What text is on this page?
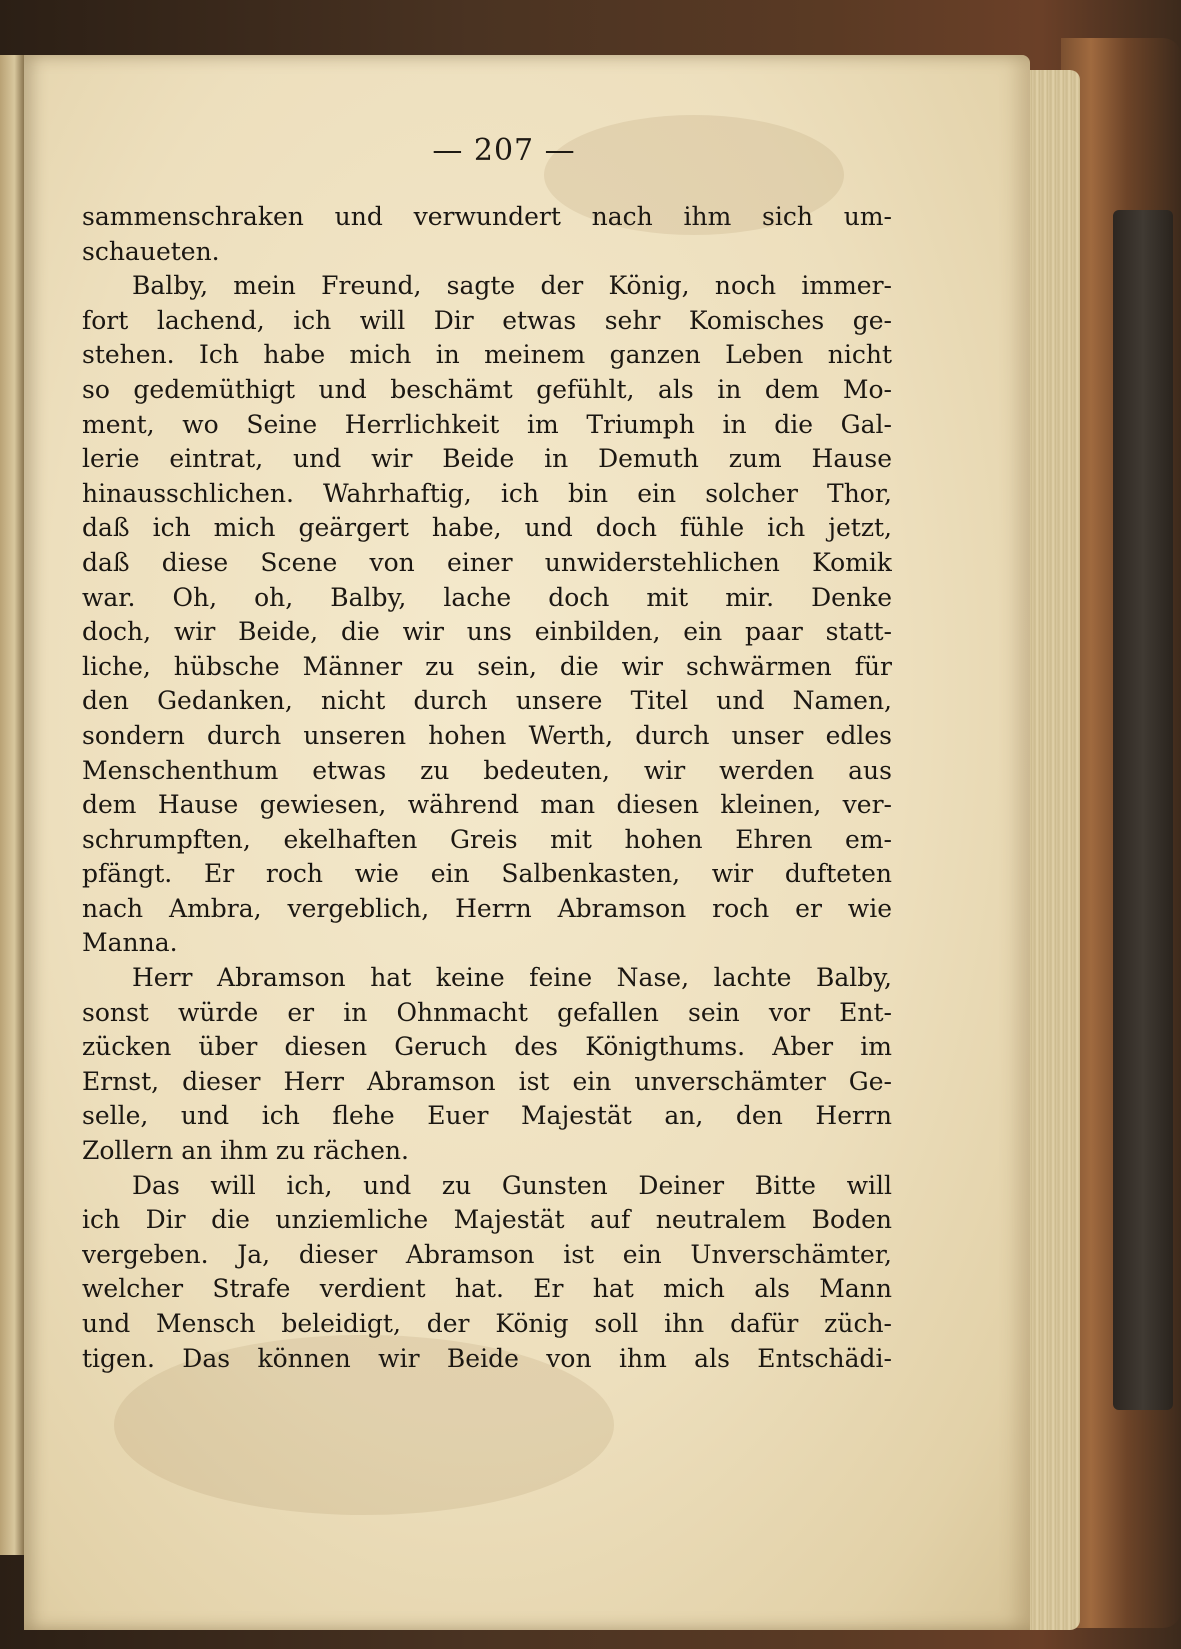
— 207 —
sammenschraken und verwundert nach ihm sich um-
schaueten.
Balby, mein Freund, sagte der König, noch immer-
fort lachend, ich will Dir etwas sehr Komisches ge-
stehen. Ich habe mich in meinem ganzen Leben nicht
so gedemüthigt und beschämt gefühlt, als in dem Mo-
ment, wo Seine Herrlichkeit im Triumph in die Gal-
lerie eintrat, und wir Beide in Demuth zum Hause
hinausschlichen. Wahrhaftig, ich bin ein solcher Thor,
daß ich mich geärgert habe, und doch fühle ich jetzt,
daß diese Scene von einer unwiderstehlichen Komik
war. Oh, oh, Balby, lache doch mit mir. Denke
doch, wir Beide, die wir uns einbilden, ein paar statt-
liche, hübsche Männer zu sein, die wir schwärmen für
den Gedanken, nicht durch unsere Titel und Namen,
sondern durch unseren hohen Werth, durch unser edles
Menschenthum etwas zu bedeuten, wir werden aus
dem Hause gewiesen, während man diesen kleinen, ver-
schrumpften, ekelhaften Greis mit hohen Ehren em-
pfängt. Er roch wie ein Salbenkasten, wir dufteten
nach Ambra, vergeblich, Herrn Abramson roch er wie
Manna.
Herr Abramson hat keine feine Nase, lachte Balby,
sonst würde er in Ohnmacht gefallen sein vor Ent-
zücken über diesen Geruch des Königthums. Aber im
Ernst, dieser Herr Abramson ist ein unverschämter Ge-
selle, und ich flehe Euer Majestät an, den Herrn
Zollern an ihm zu rächen.
Das will ich, und zu Gunsten Deiner Bitte will
ich Dir die unziemliche Majestät auf neutralem Boden
vergeben. Ja, dieser Abramson ist ein Unverschämter,
welcher Strafe verdient hat. Er hat mich als Mann
und Mensch beleidigt, der König soll ihn dafür züch-
tigen. Das können wir Beide von ihm als Entschädi-
